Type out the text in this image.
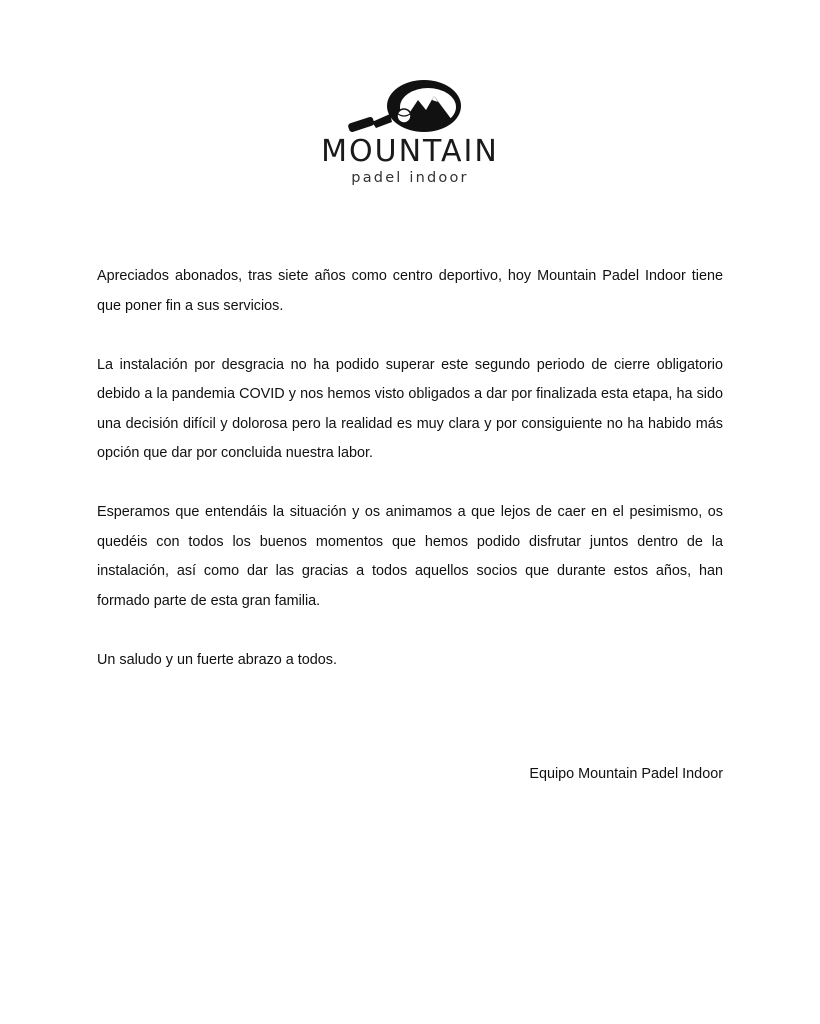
MOUNTAIN
padel indoor

Apreciados abonados, tras siete años como centro deportivo, hoy Mountain Padel Indoor tiene que poner fin a sus servicios.

La instalación por desgracia no ha podido superar este segundo periodo de cierre obligatorio debido a la pandemia COVID y nos hemos visto obligados a dar por finalizada esta etapa, ha sido una decisión difícil y dolorosa pero la realidad es muy clara y por consiguiente no ha habido más opción que dar por concluida nuestra labor.

Esperamos que entendáis la situación y os animamos a que lejos de caer en el pesimismo, os quedéis con todos los buenos momentos que hemos podido disfrutar juntos dentro de la instalación, así como dar las gracias a todos aquellos socios que durante estos años, han formado parte de esta gran familia.

Un saludo y un fuerte abrazo a todos.

Equipo Mountain Padel Indoor
